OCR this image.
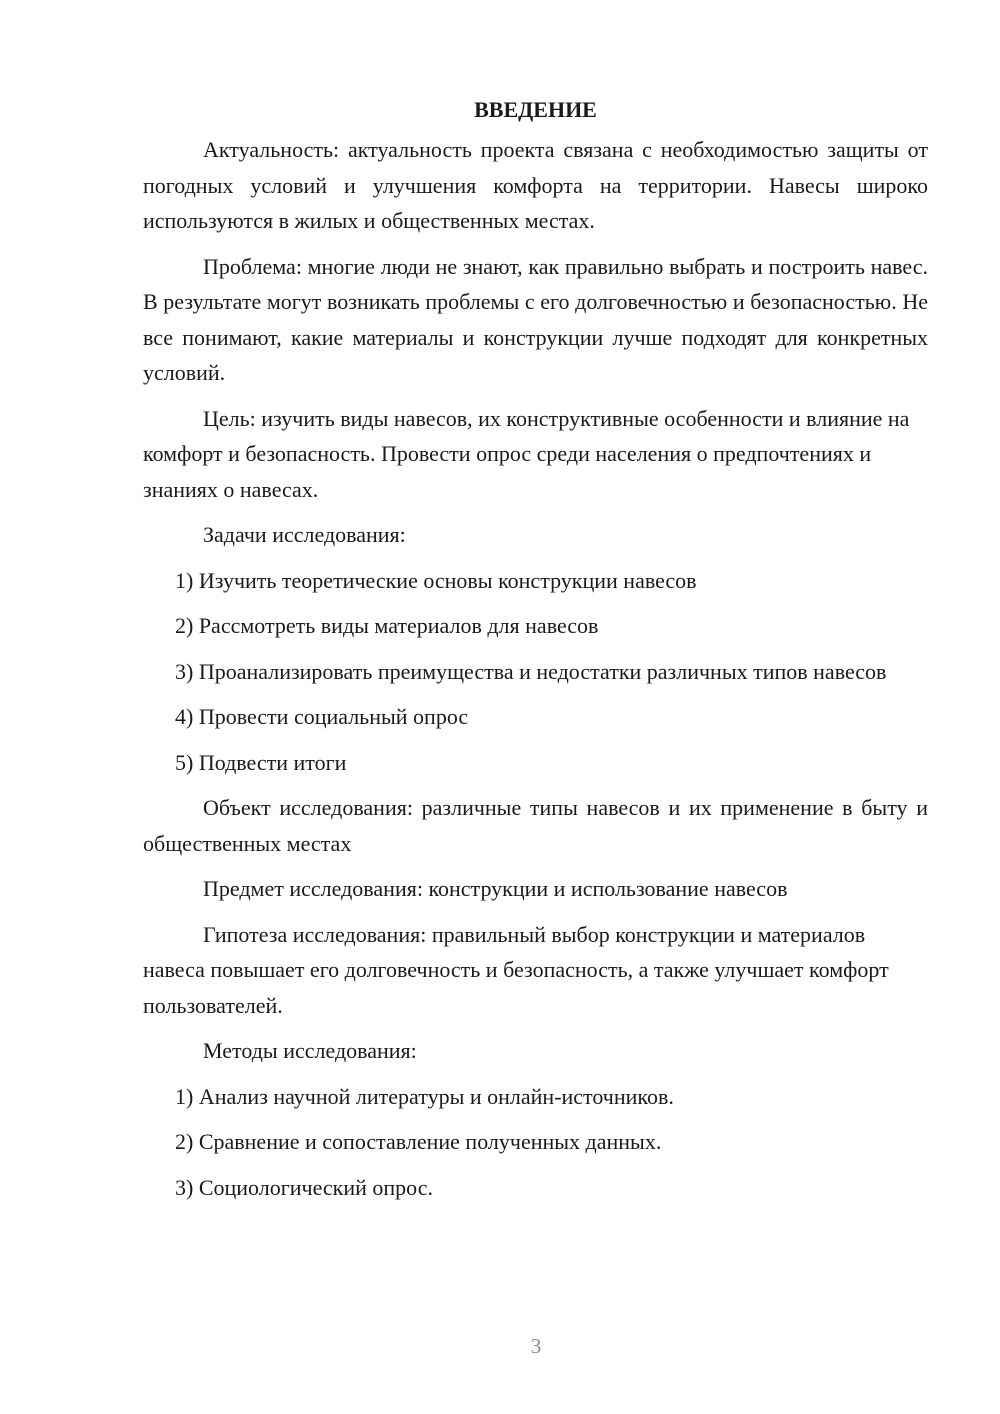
ВВЕДЕНИЕ

Актуальность: актуальность проекта связана с необходимостью защиты от погодных условий и улучшения комфорта на территории. Навесы широко используются в жилых и общественных местах.

Проблема: многие люди не знают, как правильно выбрать и построить навес. В результате могут возникать проблемы с его долговечностью и безопасностью. Не все понимают, какие материалы и конструкции лучше подходят для конкретных условий.

Цель: изучить виды навесов, их конструктивные особенности и влияние на комфорт и безопасность. Провести опрос среди населения о предпочтениях и знаниях о навесах.

Задачи исследования:

1) Изучить теоретические основы конструкции навесов

2) Рассмотреть виды материалов для навесов

3) Проанализировать преимущества и недостатки различных типов навесов

4) Провести социальный опрос

5) Подвести итоги

Объект исследования: различные типы навесов и их применение в быту и общественных местах

Предмет исследования: конструкции и использование навесов

Гипотеза исследования: правильный выбор конструкции и материалов навеса повышает его долговечность и безопасность, а также улучшает комфорт пользователей.

Методы исследования:

1) Анализ научной литературы и онлайн-источников.

2) Сравнение и сопоставление полученных данных.

3) Социологический опрос.

3
